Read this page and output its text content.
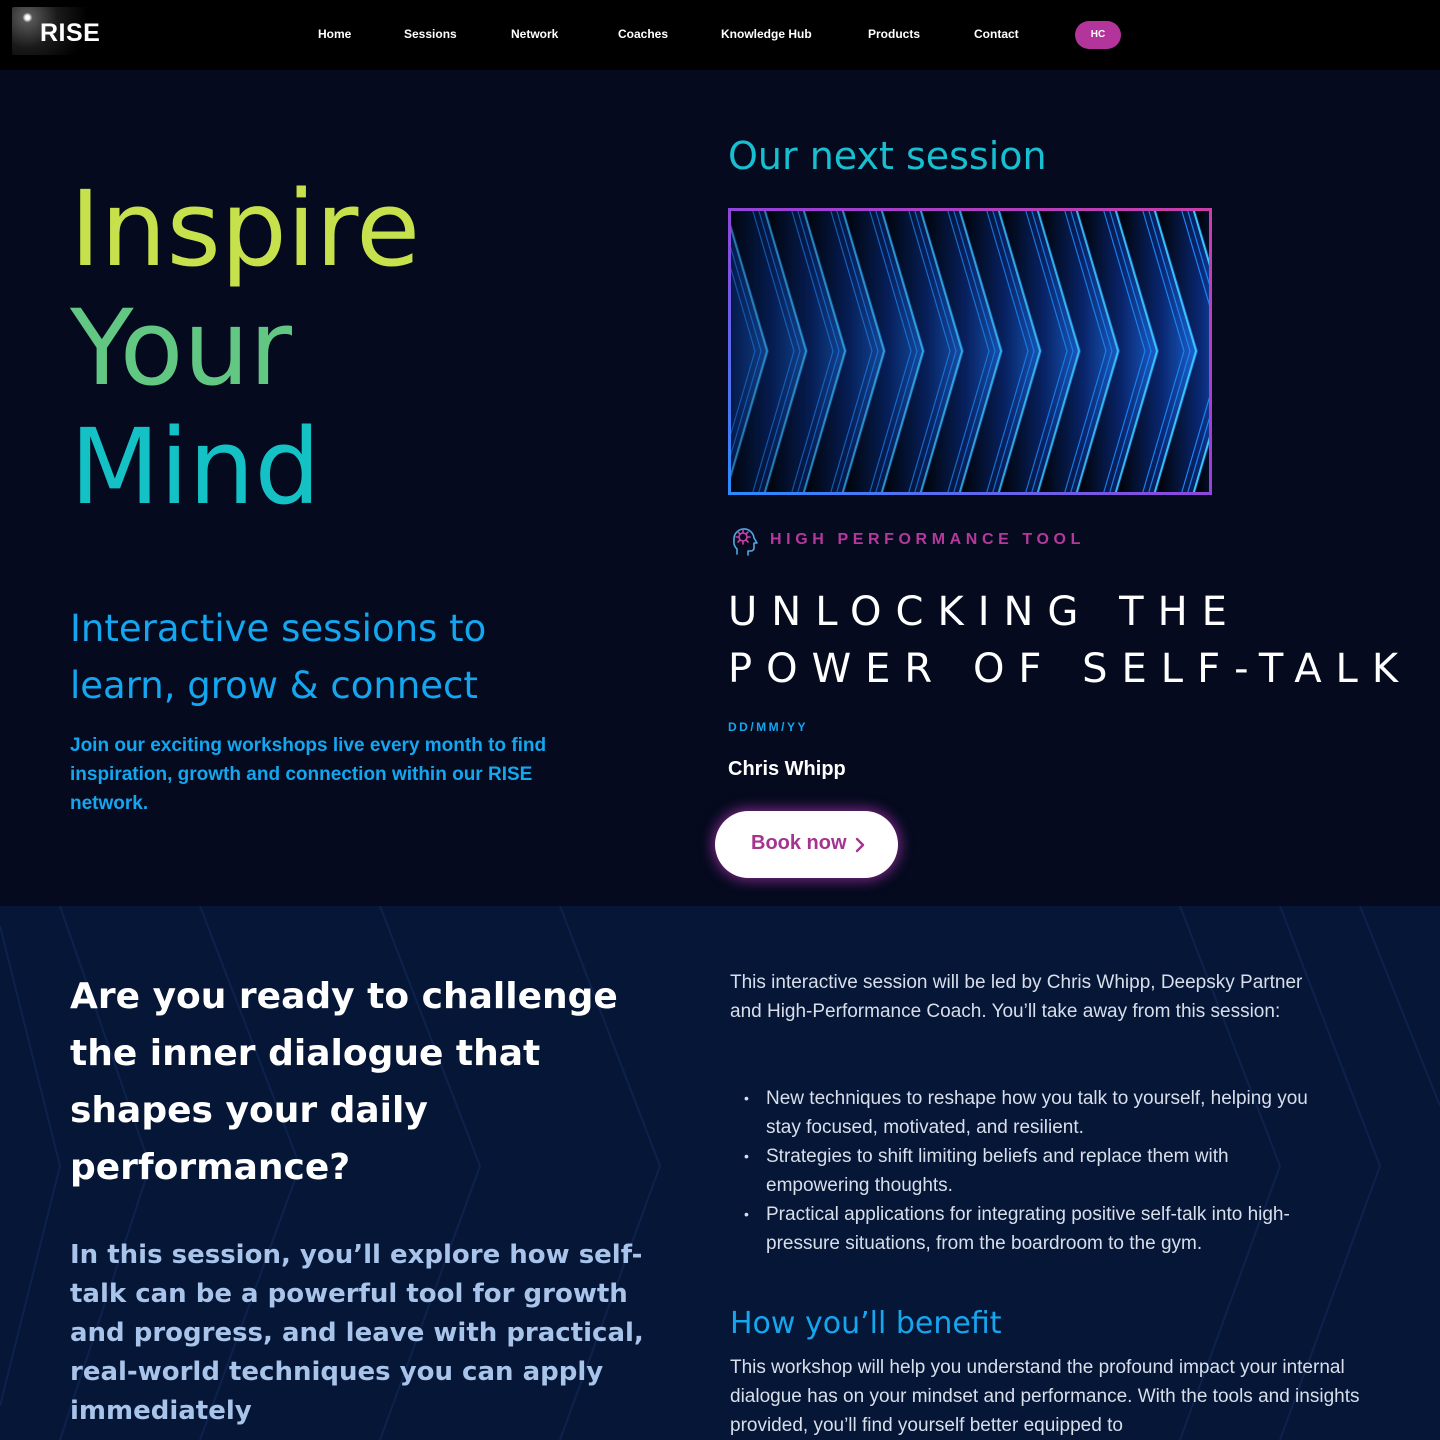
RISE	Home	Sessions	Network	Coaches	Knowledge Hub	Products	Contact	HC
Inspire
Your
Mind
Interactive sessions to learn, grow & connect

Join our exciting workshops live every month to find inspiration, growth and connection within our RISE network.

Our next session
HIGH PERFORMANCE TOOL
UNLOCKING THE POWER OF SELF-TALK
DD/MM/YY
Chris Whipp
Book now
Are you ready to challenge the inner dialogue that shapes your daily performance?

In this session, you’ll explore how self-talk can be a powerful tool for growth and progress, and leave with practical, real-world techniques you can apply immediately

This interactive session will be led by Chris Whipp, Deepsky Partner and High-Performance Coach. You’ll take away from this session:

• New techniques to reshape how you talk to yourself, helping you stay focused, motivated, and resilient.
• Strategies to shift limiting beliefs and replace them with empowering thoughts.
• Practical applications for integrating positive self-talk into high-pressure situations, from the boardroom to the gym.
How you’ll benefit

This workshop will help you understand the profound impact your internal dialogue has on your mindset and performance. With the tools and insights provided, you’ll find yourself better equipped to
